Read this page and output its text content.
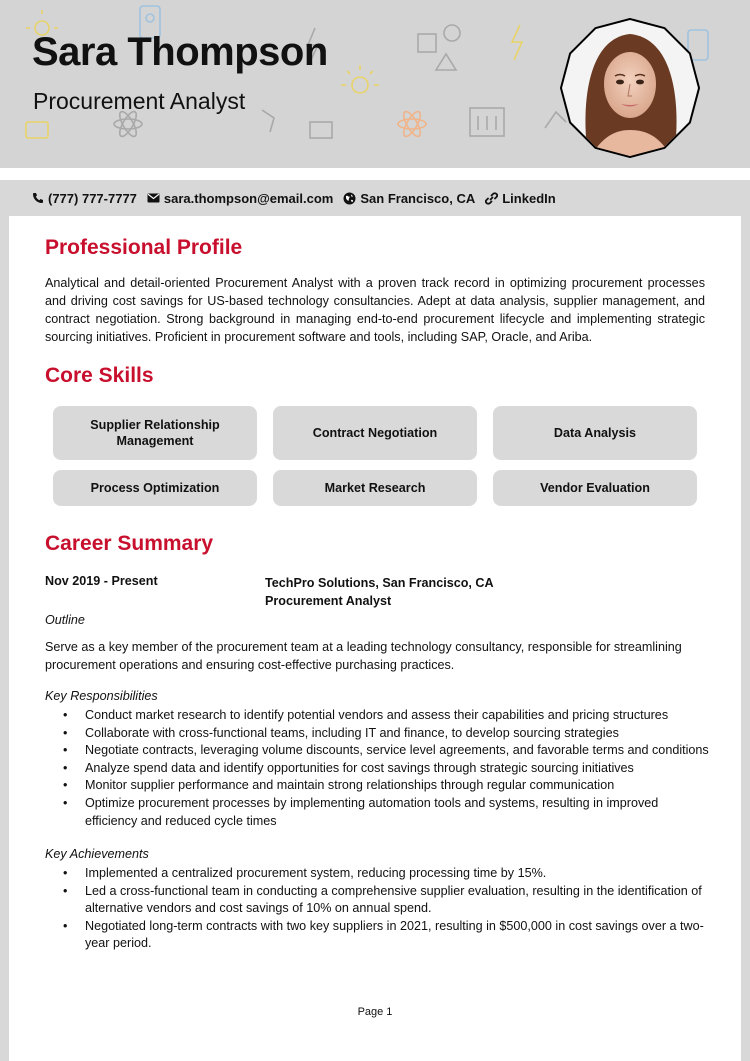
Sara Thompson
Procurement Analyst
(777) 777-7777 sara.thompson@email.com San Francisco, CA LinkedIn
Professional Profile

Analytical and detail-oriented Procurement Analyst with a proven track record in optimizing procurement processes and driving cost savings for US-based technology consultancies. Adept at data analysis, supplier management, and contract negotiation. Strong background in managing end-to-end procurement lifecycle and implementing strategic sourcing initiatives. Proficient in procurement software and tools, including SAP, Oracle, and Ariba.

Core Skills
Supplier Relationship Management
Contract Negotiation	Data Analysis
Process Optimization	Market Research	Vendor Evaluation
Career Summary
Nov 2019 - Present	TechPro Solutions, San Francisco, CA
Procurement Analyst
Outline

Serve as a key member of the procurement team at a leading technology consultancy, responsible for streamlining procurement operations and ensuring cost-effective purchasing practices.

Key Responsibilities
• Conduct market research to identify potential vendors and assess their capabilities and pricing structures
• Collaborate with cross-functional teams, including IT and finance, to develop sourcing strategies
• Negotiate contracts, leveraging volume discounts, service level agreements, and favorable terms and conditions
• Analyze spend data and identify opportunities for cost savings through strategic sourcing initiatives
• Monitor supplier performance and maintain strong relationships through regular communication
• Optimize procurement processes by implementing automation tools and systems, resulting in improved efficiency and reduced cycle times
Key Achievements
• Implemented a centralized procurement system, reducing processing time by 15%.
• Led a cross-functional team in conducting a comprehensive supplier evaluation, resulting in the identification of alternative vendors and cost savings of 10% on annual spend.
• Negotiated long-term contracts with two key suppliers in 2021, resulting in $500,000 in cost savings over a two-year period.
Page 1
